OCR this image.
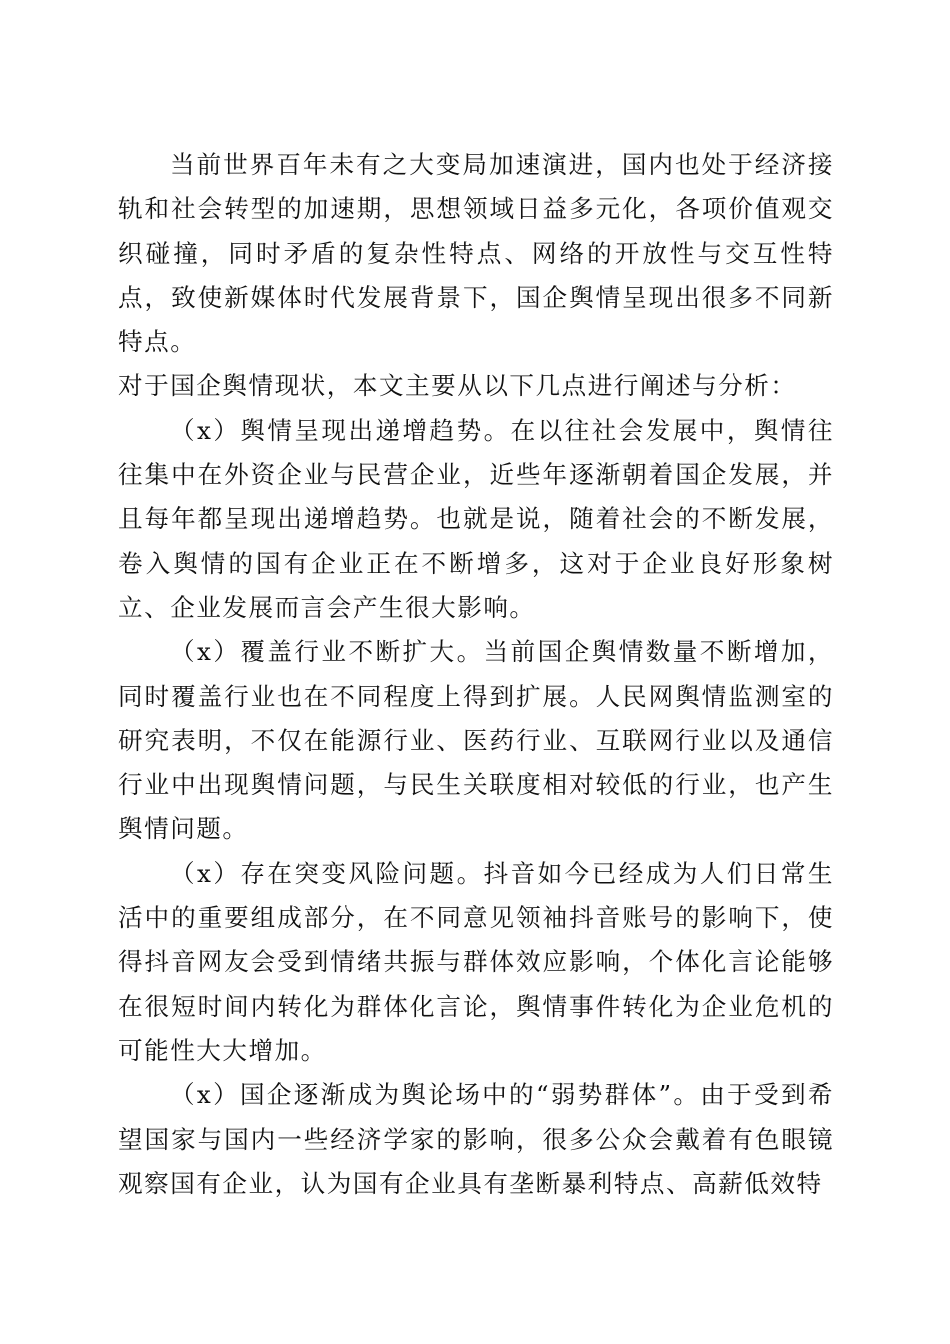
当前世界百年未有之大变局加速演进，国内也处于经济接轨和社会转型的加速期，思想领域日益多元化，各项价值观交织碰撞，同时矛盾的复杂性特点、网络的开放性与交互性特点，致使新媒体时代发展背景下，国企舆情呈现出很多不同新特点。

对于国企舆情现状，本文主要从以下几点进行阐述与分析：

（x）舆情呈现出递增趋势。在以往社会发展中，舆情往往集中在外资企业与民营企业，近些年逐渐朝着国企发展，并且每年都呈现出递增趋势。也就是说，随着社会的不断发展，卷入舆情的国有企业正在不断增多，这对于企业良好形象树立、企业发展而言会产生很大影响。

（x）覆盖行业不断扩大。当前国企舆情数量不断增加，同时覆盖行业也在不同程度上得到扩展。人民网舆情监测室的研究表明，不仅在能源行业、医药行业、互联网行业以及通信行业中出现舆情问题，与民生关联度相对较低的行业，也产生舆情问题。

（x）存在突变风险问题。抖音如今已经成为人们日常生活中的重要组成部分，在不同意见领袖抖音账号的影响下，使得抖音网友会受到情绪共振与群体效应影响，个体化言论能够在很短时间内转化为群体化言论，舆情事件转化为企业危机的可能性大大增加。

（x）国企逐渐成为舆论场中的“弱势群体”。由于受到希望国家与国内一些经济学家的影响，很多公众会戴着有色眼镜观察国有企业，认为国有企业具有垄断暴利特点、高薪低效特
